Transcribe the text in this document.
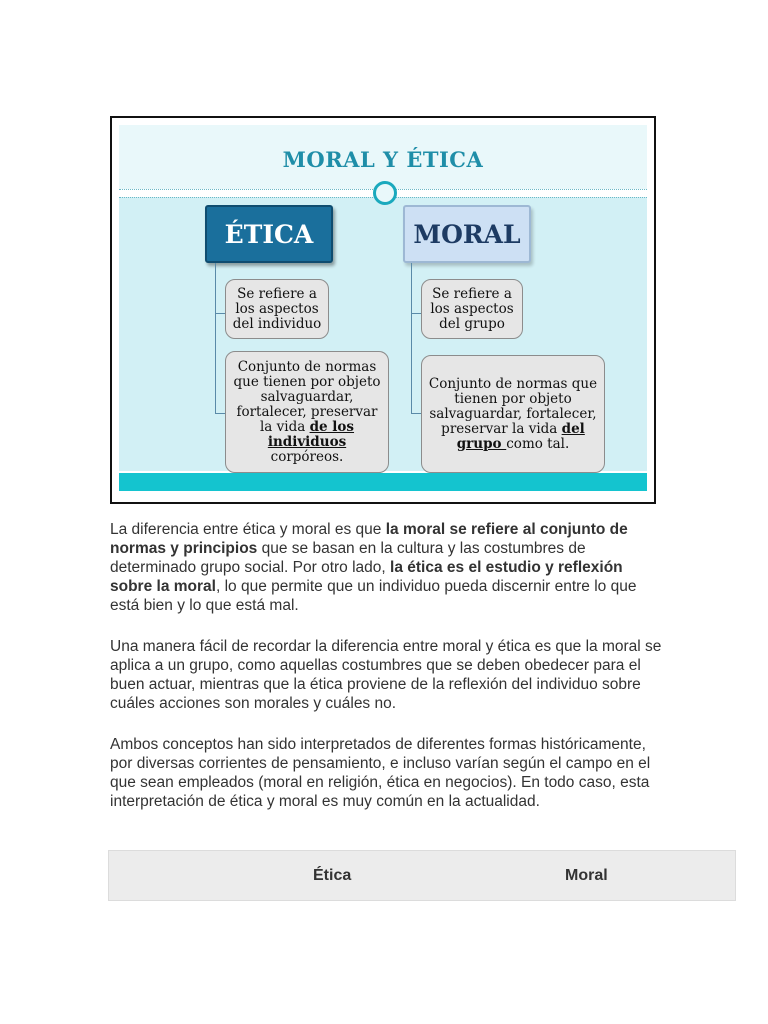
MORAL Y ÉTICA
ÉTICA
Se refiere a los aspectos del individuo
Conjunto de normas que tienen por objeto salvaguardar, fortalecer, preservar la vida de los individuos corpóreos.
MORAL
Se refiere a los aspectos del grupo
Conjunto de normas que tienen por objeto salvaguardar, fortalecer, preservar la vida del grupo como tal.

La diferencia entre ética y moral es que la moral se refiere al conjunto de normas y principios que se basan en la cultura y las costumbres de determinado grupo social. Por otro lado, la ética es el estudio y reflexión sobre la moral, lo que permite que un individuo pueda discernir entre lo que está bien y lo que está mal.

Una manera fácil de recordar la diferencia entre moral y ética es que la moral se aplica a un grupo, como aquellas costumbres que se deben obedecer para el buen actuar, mientras que la ética proviene de la reflexión del individuo sobre cuáles acciones son morales y cuáles no.

Ambos conceptos han sido interpretados de diferentes formas históricamente, por diversas corrientes de pensamiento, e incluso varían según el campo en el que sean empleados (moral en religión, ética en negocios). En todo caso, esta interpretación de ética y moral es muy común en la actualidad.

Ética	Moral
